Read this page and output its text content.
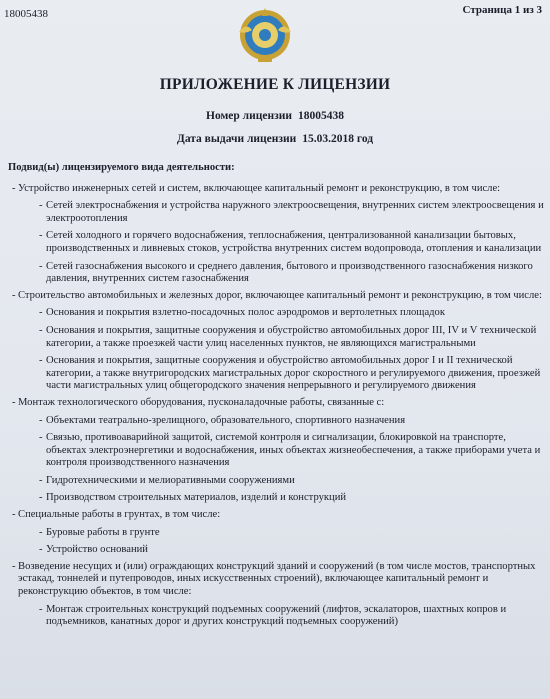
18005438	Страница 1 из 3
ПРИЛОЖЕНИЕ К ЛИЦЕНЗИИ
Номер лицензии 18005438
Дата выдачи лицензии 15.03.2018 год
Подвид(ы) лицензируемого вида деятельности:
- Устройство инженерных сетей и систем, включающее капитальный ремонт и реконструкцию, в том числе:
- Сетей электроснабжения и устройства наружного электроосвещения, внутренних систем электроосвещения и электроотопления
- Сетей холодного и горячего водоснабжения, теплоснабжения, централизованной канализации бытовых, производственных и ливневых стоков, устройства внутренних систем водопровода, отопления и канализации
- Сетей газоснабжения высокого и среднего давления, бытового и производственного газоснабжения низкого давления, внутренних систем газоснабжения
- Строительство автомобильных и железных дорог, включающее капитальный ремонт и реконструкцию, в том числе:
- Основания и покрытия взлетно-посадочных полос аэродромов и вертолетных площадок
- Основания и покрытия, защитные сооружения и обустройство автомобильных дорог III, IV и V технической категории, а также проезжей части улиц населенных пунктов, не являющихся магистральными
- Основания и покрытия, защитные сооружения и обустройство автомобильных дорог I и II технической категории, а также внутригородских магистральных дорог скоростного и регулируемого движения, проезжей части магистральных улиц общегородского значения непрерывного и регулируемого движения
- Монтаж технологического оборудования, пусконаладочные работы, связанные с:
- Объектами театрально-зрелищного, образовательного, спортивного назначения
- Связью, противоаварийной защитой, системой контроля и сигнализации, блокировкой на транспорте, объектах электроэнергетики и водоснабжения, иных объектах жизнеобеспечения, а также приборами учета и контроля производственного назначения
- Гидротехническими и мелиоративными сооружениями
- Производством строительных материалов, изделий и конструкций
- Специальные работы в грунтах, в том числе:
- Буровые работы в грунте
- Устройство оснований
- Возведение несущих и (или) ограждающих конструкций зданий и сооружений (в том числе мостов, транспортных эстакад, тоннелей и путепроводов, иных искусственных строений), включающее капитальный ремонт и реконструкцию объектов, в том числе:
- Монтаж строительных конструкций подъемных сооружений (лифтов, эскалаторов, шахтных копров и подъемников, канатных дорог и других конструкций подъемных сооружений)
